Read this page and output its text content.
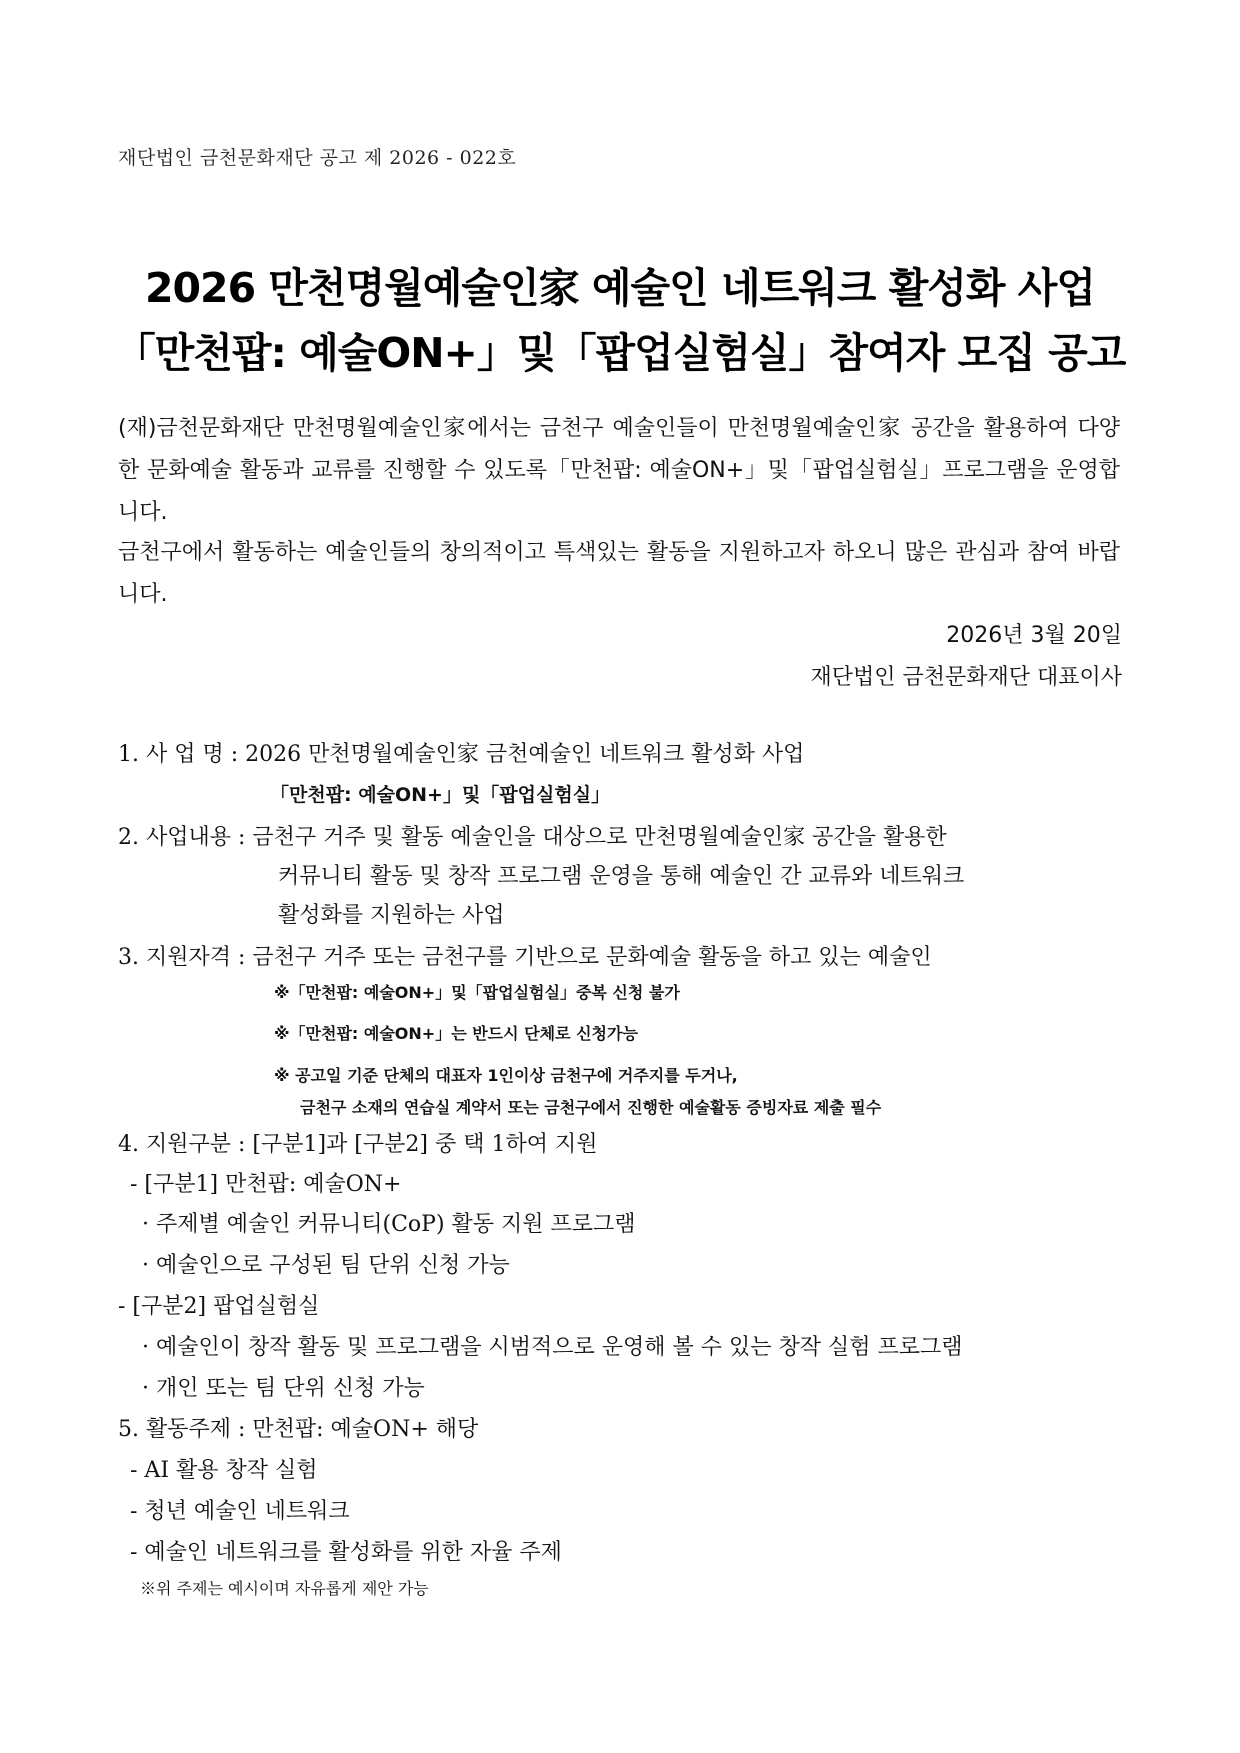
재단법인 금천문화재단 공고 제 2026 - 022호
2026 만천명월예술인家 예술인 네트워크 활성화 사업
「만천팝: 예술ON+」및「팝업실험실」참여자 모집 공고

(재)금천문화재단 만천명월예술인家에서는 금천구 예술인들이 만천명월예술인家 공간을 활용하여 다양한 문화예술 활동과 교류를 진행할 수 있도록「만천팝: 예술ON+」및「팝업실험실」프로그램을 운영합니다.

금천구에서 활동하는 예술인들의 창의적이고 특색있는 활동을 지원하고자 하오니 많은 관심과 참여 바랍니다.

2026년 3월 20일
재단법인 금천문화재단 대표이사
1. 사 업 명 : 2026 만천명월예술인家 금천예술인 네트워크 활성화 사업
「만천팝: 예술ON+」및「팝업실험실」
2. 사업내용 : 금천구 거주 및 활동 예술인을 대상으로 만천명월예술인家 공간을 활용한
커뮤니티 활동 및 창작 프로그램 운영을 통해 예술인 간 교류와 네트워크
활성화를 지원하는 사업
3. 지원자격 : 금천구 거주 또는 금천구를 기반으로 문화예술 활동을 하고 있는 예술인
※「만천팝: 예술ON+」및「팝업실험실」중복 신청 불가
※「만천팝: 예술ON+」는 반드시 단체로 신청가능
※ 공고일 기준 단체의 대표자 1인이상 금천구에 거주지를 두거나,
금천구 소재의 연습실 계약서 또는 금천구에서 진행한 예술활동 증빙자료 제출 필수
4. 지원구분 : [구분1]과 [구분2] 중 택 1하여 지원
- [구분1] 만천팝: 예술ON+
· 주제별 예술인 커뮤니티(CoP) 활동 지원 프로그램
· 예술인으로 구성된 팀 단위 신청 가능
- [구분2] 팝업실험실
· 예술인이 창작 활동 및 프로그램을 시범적으로 운영해 볼 수 있는 창작 실험 프로그램
· 개인 또는 팀 단위 신청 가능
5. 활동주제 : 만천팝: 예술ON+ 해당
- AI 활용 창작 실험
- 청년 예술인 네트워크
- 예술인 네트워크를 활성화를 위한 자율 주제
※위 주제는 예시이며 자유롭게 제안 가능
